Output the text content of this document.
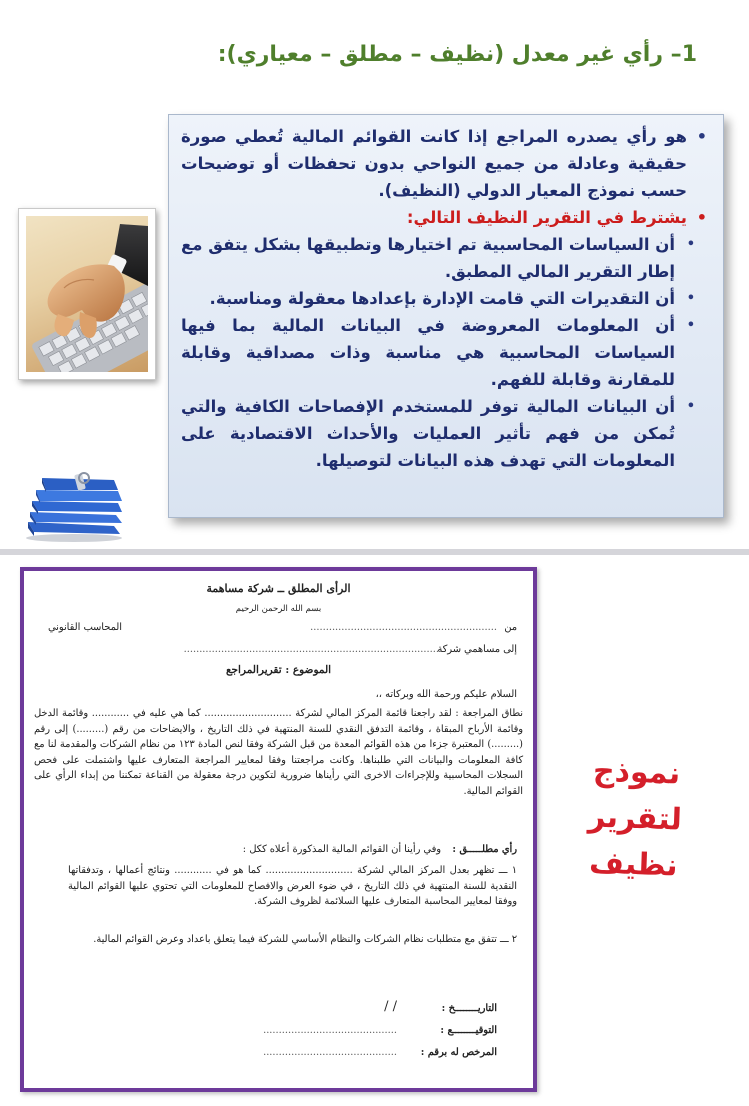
1– رأي غير معدل (نظيف – مطلق – معياري):
• هو رأي يصدره المراجع إذا كانت القوائم المالية تُعطي صورة حقيقية وعادلة من جميع النواحي بدون تحفظات أو توضيحات حسب نموذج المعيار الدولي (النظيف).
• يشترط في التقرير النظيف التالي:
• أن السياسات المحاسبية تم اختيارها وتطبيقها بشكل يتفق مع إطار التقرير المالي المطبق.
• أن التقديرات التي قامت الإدارة بإعدادها معقولة ومناسبة.
• أن المعلومات المعروضة في البيانات المالية بما فيها السياسات المحاسبية هي مناسبة وذات مصداقية وقابلة للمقارنة وقابلة للفهم.
• أن البيانات المالية توفر للمستخدم الإفصاحات الكافية والتي تُمكن من فهم تأثير العمليات والأحداث الاقتصادية على المعلومات التي تهدف هذه البيانات لتوصيلها.
الرأى المطلق ــ شركة مساهمة
بسم الله الرحمن الرحيم
من
............................................................
المحاسب القانوني
إلى مساهمي شركة
..................................................................................
الموضوع : تقريرالمراجع
السلام عليكم ورحمة الله وبركاته ،،
نطاق المراجعة : لقد راجعنا قائمة المركز المالي لشركة ............................ كما هي عليه في ............ وقائمة الدخل وقائمة الأرباح المبقاة ، وقائمة التدفق النقدي للسنة المنتهية في ذلك التاريخ ، والايضاحات من رقم (.........) إلى رقم (.........) المعتبرة جزءا من هذه القوائم المعدة من قبل الشركة وفقا لنص المادة ١٢٣ من نظام الشركات والمقدمة لنا مع كافة المعلومات والبيانات التي طلبناها. وكانت مراجعتنا وفقا لمعايير المراجعة المتعارف عليها واشتملت على فحص السجلات المحاسبية وللإجراءات الاخرى التي رأيناها ضرورية لتكوين درجة معقولة من القناعة تمكننا من إبداء الرأي على القوائم المالية.
رأي مطلـــــق :
وفي رأينا أن القوائم المالية المذكورة أعلاه ككل :
١ ـــ تظهر بعدل المركز المالي لشركة ............................ كما هو في ............ ونتائج أعمالها ، وتدفقاتها النقدية للسنة المنتهية في ذلك التاريخ ، في ضوء العرض والافصاح للمعلومات التي تحتوي عليها القوائم المالية ووفقا لمعايير المحاسبة المتعارف عليها السلائمة لظروف الشركة.
٢ ـــ تتفق مع متطلبات نظام الشركات والنظام الأساسي للشركة فيما يتعلق باعداد وعرض القوائم المالية.
التاريــــــــخ :
/ /
التوقيــــــــع :
...........................................
المرخص له برقم :
...........................................
نموذج
لتقرير
نظيف
